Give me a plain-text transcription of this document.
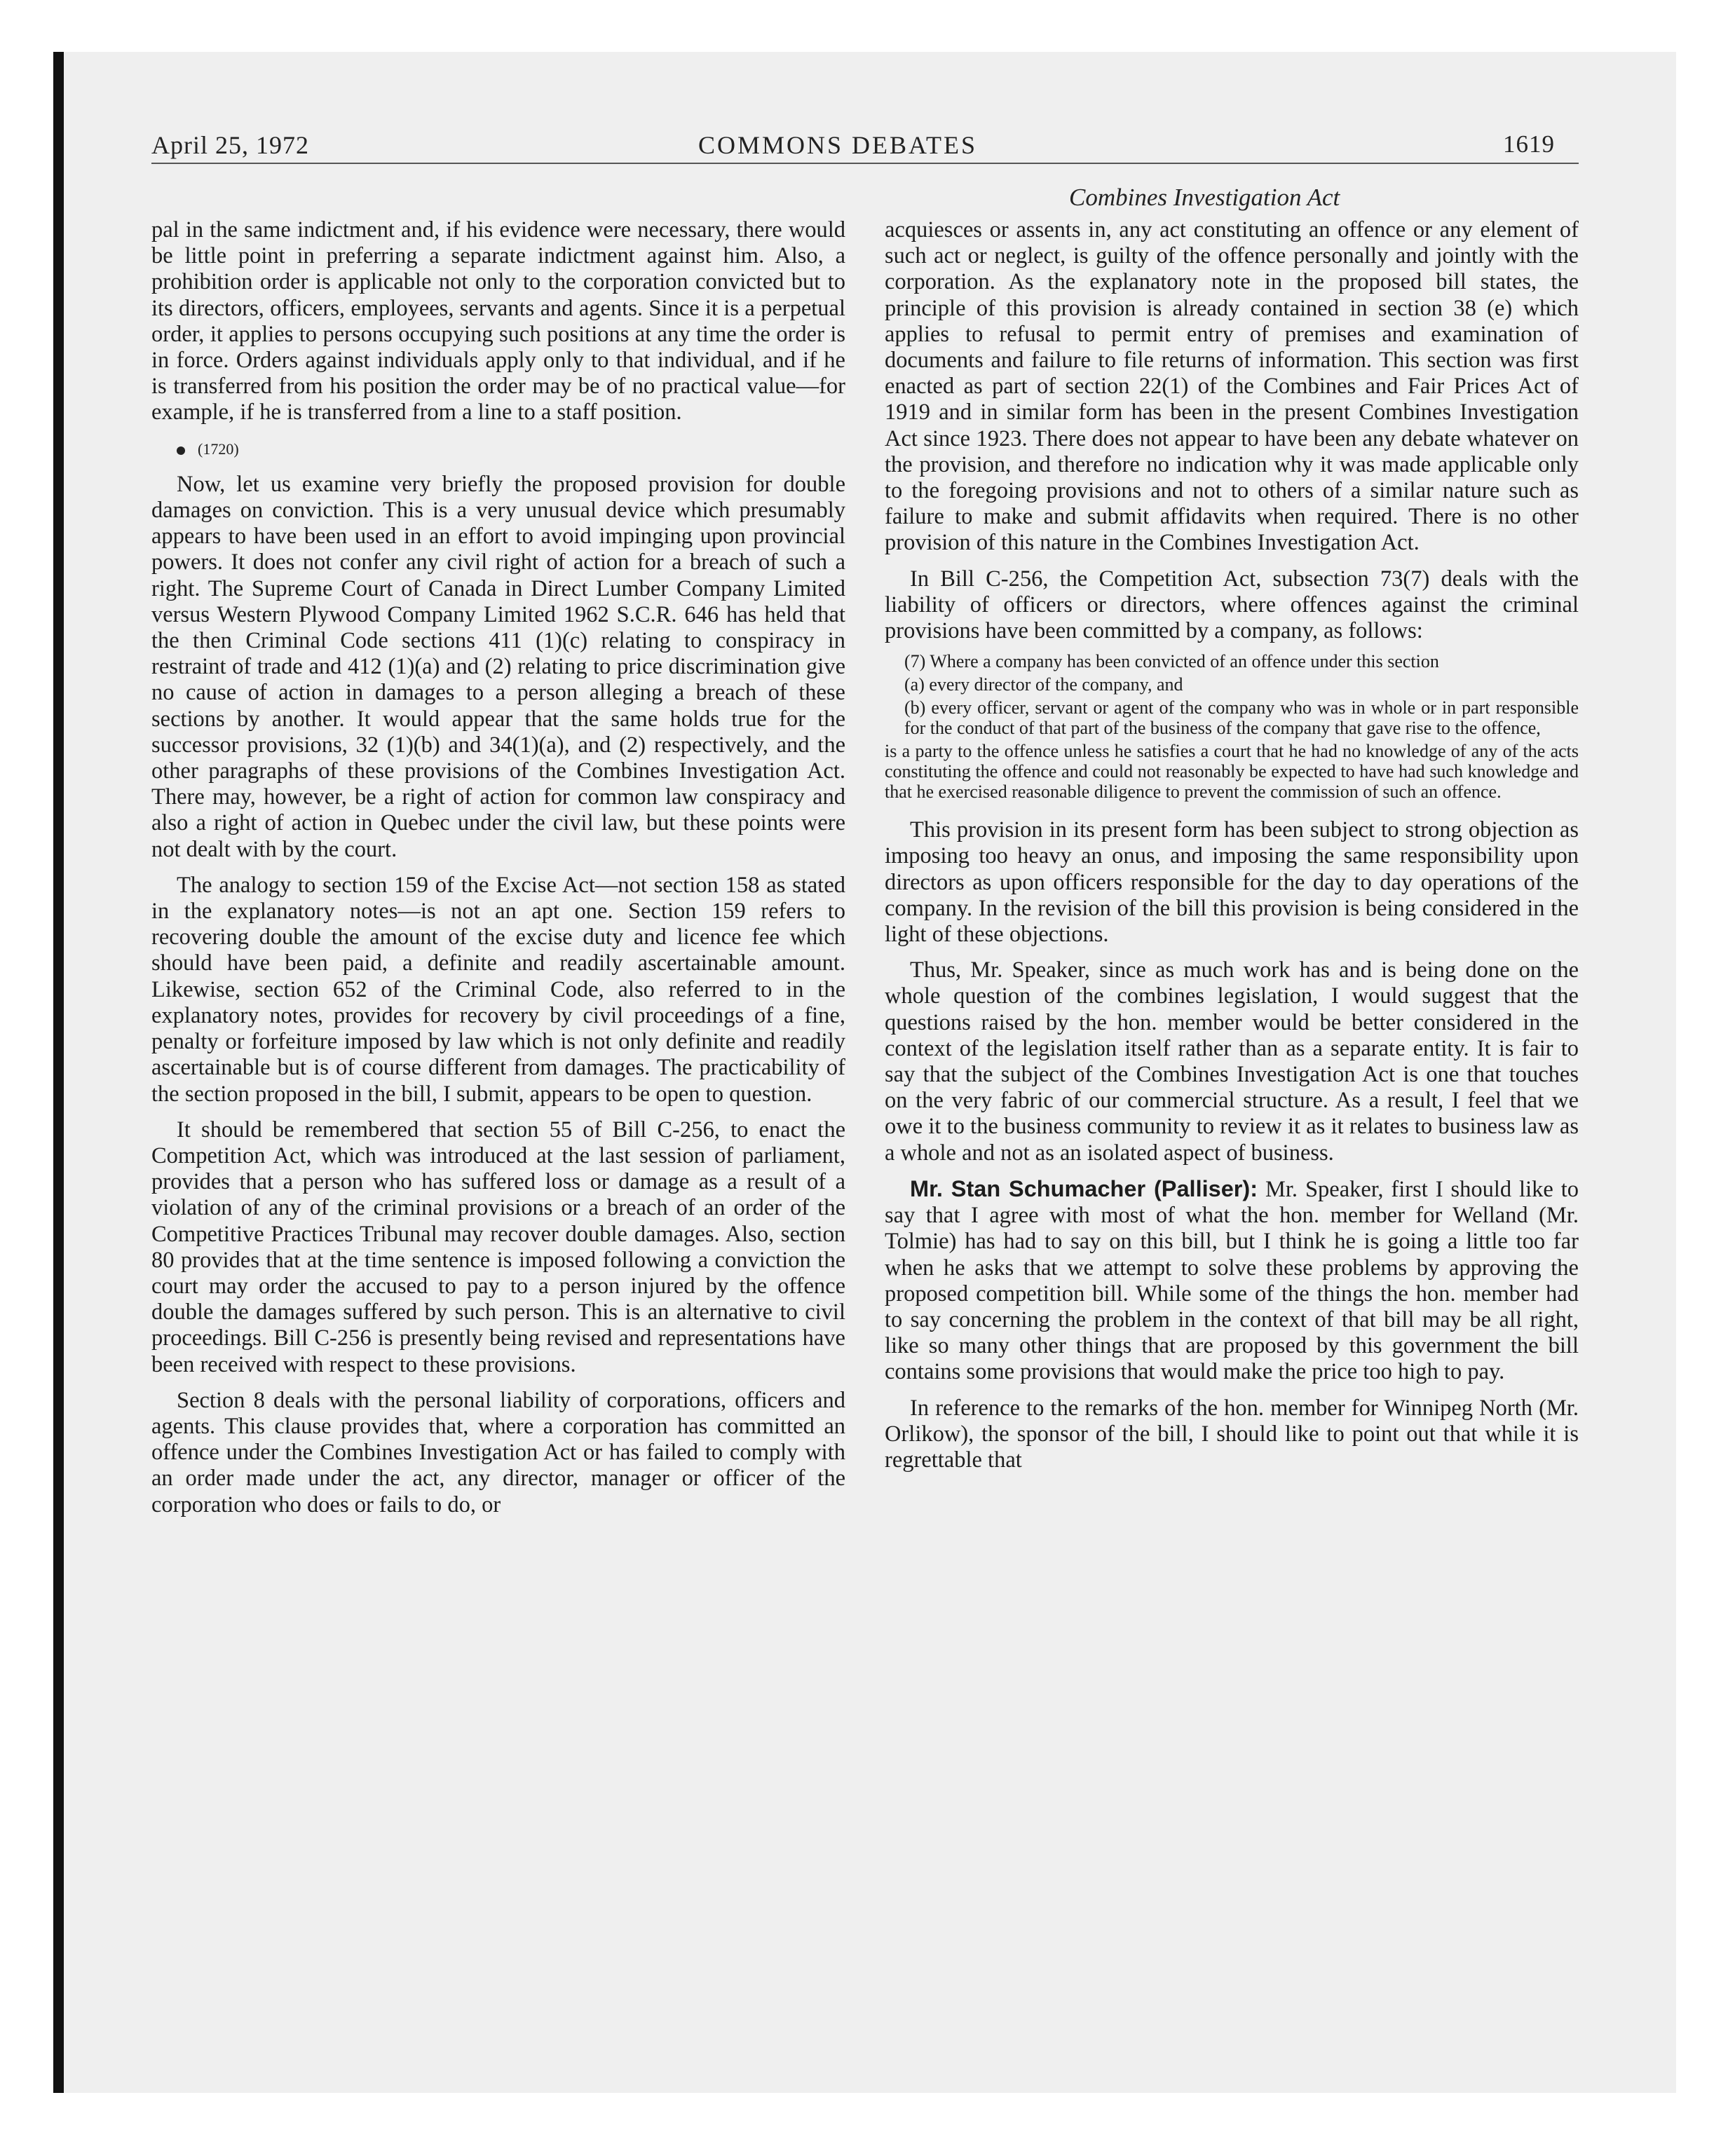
April 25, 1972	COMMONS DEBATES	1619
Combines Investigation Act

pal in the same indictment and, if his evidence were necessary, there would be little point in preferring a separate indictment against him. Also, a prohibition order is applicable not only to the corporation convicted but to its directors, officers, employees, servants and agents. Since it is a perpetual order, it applies to persons occupying such positions at any time the order is in force. Orders against individuals apply only to that individual, and if he is transferred from his position the order may be of no practical value—for example, if he is transferred from a line to a staff position.

(1720)

Now, let us examine very briefly the proposed provision for double damages on conviction. This is a very unusual device which presumably appears to have been used in an effort to avoid impinging upon provincial powers. It does not confer any civil right of action for a breach of such a right. The Supreme Court of Canada in Direct Lumber Company Limited versus Western Plywood Company Limited 1962 S.C.R. 646 has held that the then Criminal Code sections 411 (1)(c) relating to conspiracy in restraint of trade and 412 (1)(a) and (2) relating to price discrimination give no cause of action in damages to a person alleging a breach of these sections by another. It would appear that the same holds true for the successor provisions, 32 (1)(b) and 34(1)(a), and (2) respectively, and the other paragraphs of these provisions of the Combines Investigation Act. There may, however, be a right of action for common law conspiracy and also a right of action in Quebec under the civil law, but these points were not dealt with by the court.

The analogy to section 159 of the Excise Act—not section 158 as stated in the explanatory notes—is not an apt one. Section 159 refers to recovering double the amount of the excise duty and licence fee which should have been paid, a definite and readily ascertainable amount. Likewise, section 652 of the Criminal Code, also referred to in the explanatory notes, provides for recovery by civil proceedings of a fine, penalty or forfeiture imposed by law which is not only definite and readily ascertainable but is of course different from damages. The practicability of the section proposed in the bill, I submit, appears to be open to question.

It should be remembered that section 55 of Bill C-256, to enact the Competition Act, which was introduced at the last session of parliament, provides that a person who has suffered loss or damage as a result of a violation of any of the criminal provisions or a breach of an order of the Competitive Practices Tribunal may recover double damages. Also, section 80 provides that at the time sentence is imposed following a conviction the court may order the accused to pay to a person injured by the offence double the damages suffered by such person. This is an alternative to civil proceedings. Bill C-256 is presently being revised and representations have been received with respect to these provisions.

Section 8 deals with the personal liability of corporations, officers and agents. This clause provides that, where a corporation has committed an offence under the Combines Investigation Act or has failed to comply with an order made under the act, any director, manager or officer of the corporation who does or fails to do, or

acquiesces or assents in, any act constituting an offence or any element of such act or neglect, is guilty of the offence personally and jointly with the corporation. As the explanatory note in the proposed bill states, the principle of this provision is already contained in section 38 (e) which applies to refusal to permit entry of premises and examination of documents and failure to file returns of information. This section was first enacted as part of section 22(1) of the Combines and Fair Prices Act of 1919 and in similar form has been in the present Combines Investigation Act since 1923. There does not appear to have been any debate whatever on the provision, and therefore no indication why it was made applicable only to the foregoing provisions and not to others of a similar nature such as failure to make and submit affidavits when required. There is no other provision of this nature in the Combines Investigation Act.

In Bill C-256, the Competition Act, subsection 73(7) deals with the liability of officers or directors, where offences against the criminal provisions have been committed by a company, as follows:

(7) Where a company has been convicted of an offence under this section

(a) every director of the company, and

(b) every officer, servant or agent of the company who was in whole or in part responsible for the conduct of that part of the business of the company that gave rise to the offence,

is a party to the offence unless he satisfies a court that he had no knowledge of any of the acts constituting the offence and could not reasonably be expected to have had such knowledge and that he exercised reasonable diligence to prevent the commission of such an offence.

This provision in its present form has been subject to strong objection as imposing too heavy an onus, and imposing the same responsibility upon directors as upon officers responsible for the day to day operations of the company. In the revision of the bill this provision is being considered in the light of these objections.

Thus, Mr. Speaker, since as much work has and is being done on the whole question of the combines legislation, I would suggest that the questions raised by the hon. member would be better considered in the context of the legislation itself rather than as a separate entity. It is fair to say that the subject of the Combines Investigation Act is one that touches on the very fabric of our commercial structure. As a result, I feel that we owe it to the business community to review it as it relates to business law as a whole and not as an isolated aspect of business.

Mr. Stan Schumacher (Palliser): Mr. Speaker, first I should like to say that I agree with most of what the hon. member for Welland (Mr. Tolmie) has had to say on this bill, but I think he is going a little too far when he asks that we attempt to solve these problems by approving the proposed competition bill. While some of the things the hon. member had to say concerning the problem in the context of that bill may be all right, like so many other things that are proposed by this government the bill contains some provisions that would make the price too high to pay.

In reference to the remarks of the hon. member for Winnipeg North (Mr. Orlikow), the sponsor of the bill, I should like to point out that while it is regrettable that
